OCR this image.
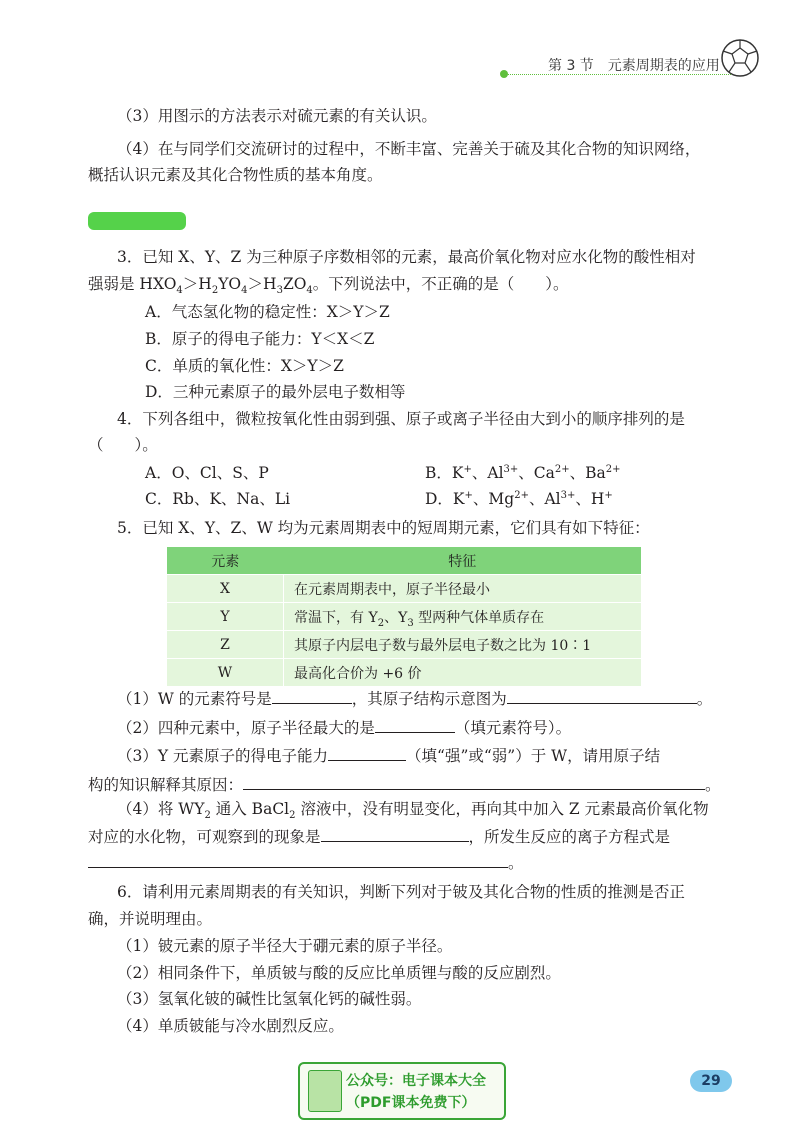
第 3 节　元素周期表的应用
（3）用图示的方法表示对硫元素的有关认识。
（4）在与同学们交流研讨的过程中，不断丰富、完善关于硫及其化合物的知识网络，
概括认识元素及其化合物性质的基本角度。
3．已知 X、Y、Z 为三种原子序数相邻的元素，最高价氧化物对应水化物的酸性相对
强弱是 $HXO_4>H_2YO_4>H_3ZO_4$。下列说法中，不正确的是（　　）。
A．气态氢化物的稳定性：X＞Y＞Z
B．原子的得电子能力：Y＜X＜Z
C．单质的氧化性：X＞Y＞Z
D．三种元素原子的最外层电子数相等
4．下列各组中，微粒按氧化性由弱到强、原子或离子半径由大到小的顺序排列的是
（　　）。
A．O、Cl、S、P	B．K+、$Al^{3+}$、$Ca^{2+}$、$Ba^{2+}$
C．Rb、K、Na、Li	D．K+、$Mg^{2+}$、$Al^{3+}$、H+
5．已知 X、Y、Z、W 均为元素周期表中的短周期元素，它们具有如下特征：
元素	特征
X	在元素周期表中，原子半径最小
Y	常温下，有 $Y_2$、$Y_3$ 型两种气体单质存在
Z	其原子内层电子数与最外层电子数之比为 10∶1
W	最高化合价为 +6 价
（1）W 的元素符号是	，其原子结构示意图为	。
（2）四种元素中，原子半径最大的是	（填元素符号）。
（3）Y 元素原子的得电子能力	（填“强”或“弱”）于 W，请用原子结
构的知识解释其原因：	。
（4）将 $WY_2$ 通入 BaCl$_2$ 溶液中，没有明显变化，再向其中加入 Z 元素最高价氧化物
对应的水化物，可观察到的现象是	，所发生反应的离子方程式是
。
6．请利用元素周期表的有关知识，判断下列对于铍及其化合物的性质的推测是否正
确，并说明理由。
（1）铍元素的原子半径大于硼元素的原子半径。
（2）相同条件下，单质铍与酸的反应比单质锂与酸的反应剧烈。
（3）氢氧化铍的碱性比氢氧化钙的碱性弱。
（4）单质铍能与冷水剧烈反应。
公众号：电子课本大全
（PDF课本免费下）
29
